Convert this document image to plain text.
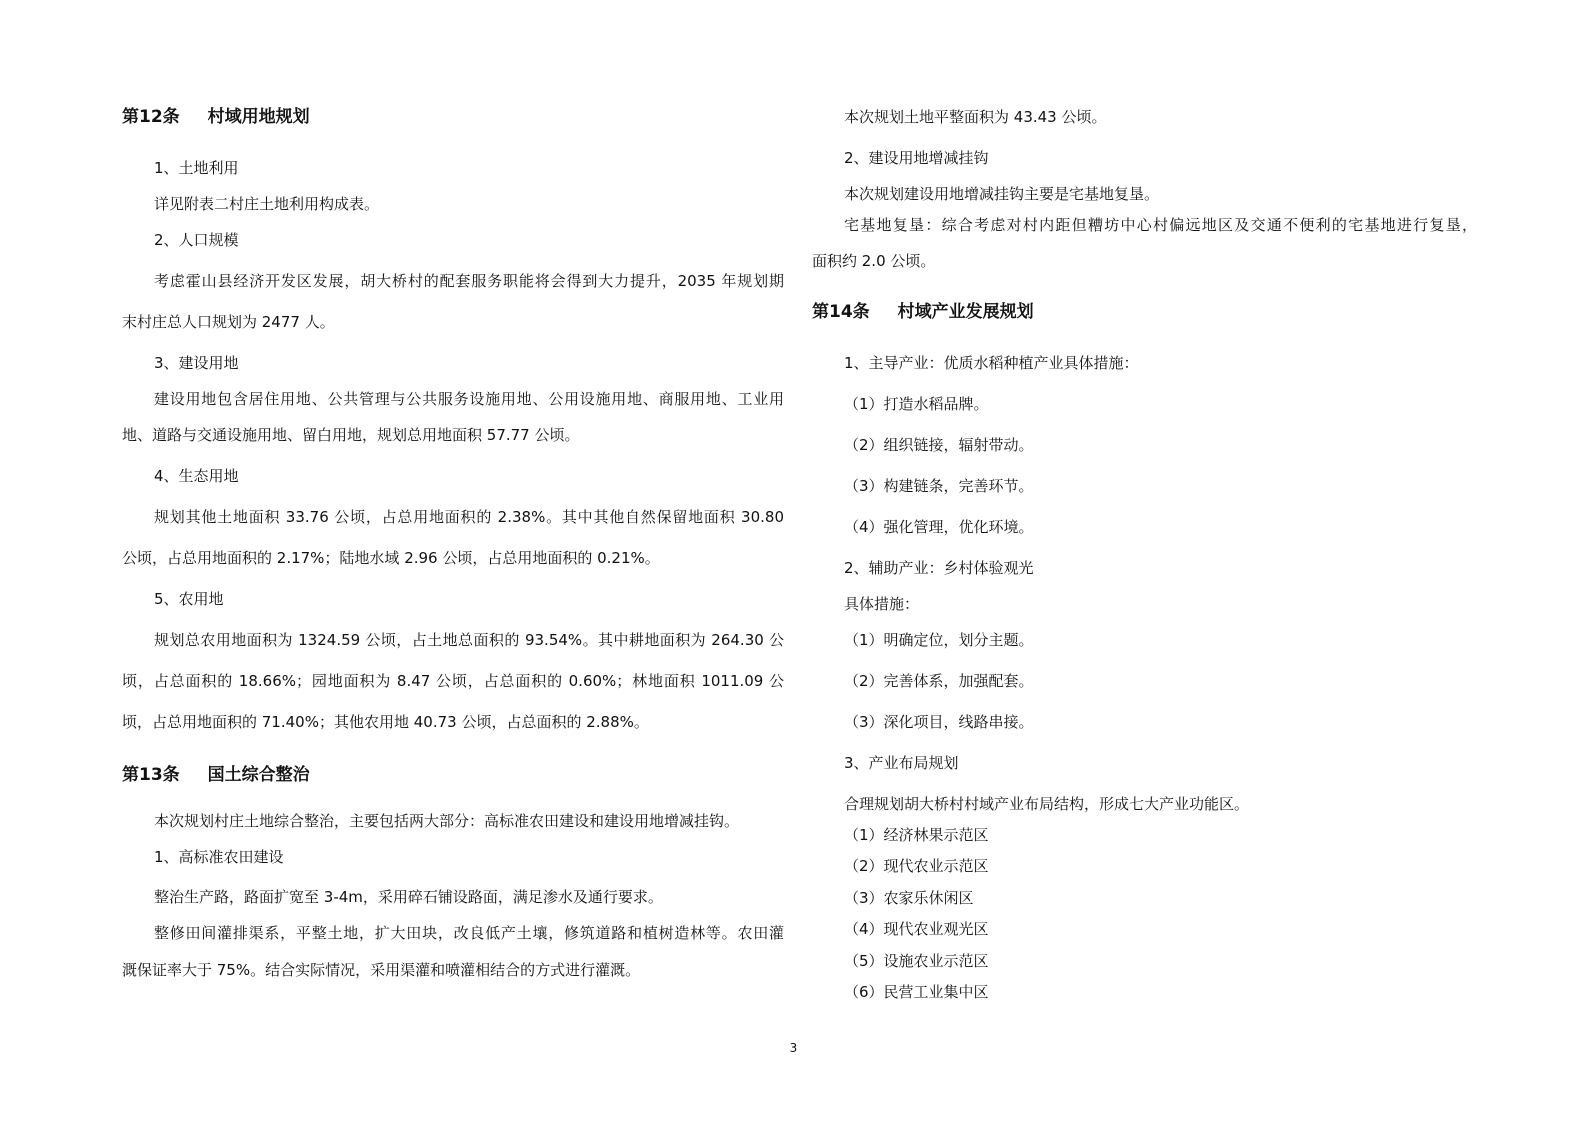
第12条 村域用地规划
1、土地利用
详见附表二村庄土地利用构成表。
2、人口规模
考虑霍山县经济开发区发展，胡大桥村的配套服务职能将会得到大力提升，2035 年规划期
末村庄总人口规划为 2477 人。
3、建设用地
建设用地包含居住用地、公共管理与公共服务设施用地、公用设施用地、商服用地、工业用
地、道路与交通设施用地、留白用地，规划总用地面积 57.77 公顷。
4、生态用地
规划其他土地面积 33.76 公顷，占总用地面积的 2.38%。其中其他自然保留地面积 30.80
公顷，占总用地面积的 2.17%；陆地水域 2.96 公顷，占总用地面积的 0.21%。
5、农用地
规划总农用地面积为 1324.59 公顷，占土地总面积的 93.54%。其中耕地面积为 264.30 公
顷，占总面积的 18.66%；园地面积为 8.47 公顷，占总面积的 0.60%；林地面积 1011.09 公
顷，占总用地面积的 71.40%；其他农用地 40.73 公顷，占总面积的 2.88%。
第13条 国土综合整治
本次规划村庄土地综合整治，主要包括两大部分：高标准农田建设和建设用地增减挂钩。
1、高标准农田建设
整治生产路，路面扩宽至 3-4m，采用碎石铺设路面，满足渗水及通行要求。
整修田间灌排渠系，平整土地，扩大田块，改良低产土壤，修筑道路和植树造林等。农田灌
溉保证率大于 75%。结合实际情况，采用渠灌和喷灌相结合的方式进行灌溉。
本次规划土地平整面积为 43.43 公顷。
2、建设用地增减挂钩
本次规划建设用地增减挂钩主要是宅基地复垦。
宅基地复垦：综合考虑对村内距但糟坊中心村偏远地区及交通不便利的宅基地进行复垦，
面积约 2.0 公顷。
第14条 村域产业发展规划
1、主导产业：优质水稻种植产业具体措施：
（1）打造水稻品牌。
（2）组织链接，辐射带动。
（3）构建链条，完善环节。
（4）强化管理，优化环境。
2、辅助产业：乡村体验观光
具体措施：
（1）明确定位，划分主题。
（2）完善体系，加强配套。
（3）深化项目，线路串接。
3、产业布局规划
合理规划胡大桥村村域产业布局结构，形成七大产业功能区。
（1）经济林果示范区
（2）现代农业示范区
（3）农家乐休闲区
（4）现代农业观光区
（5）设施农业示范区
（6）民营工业集中区
3
